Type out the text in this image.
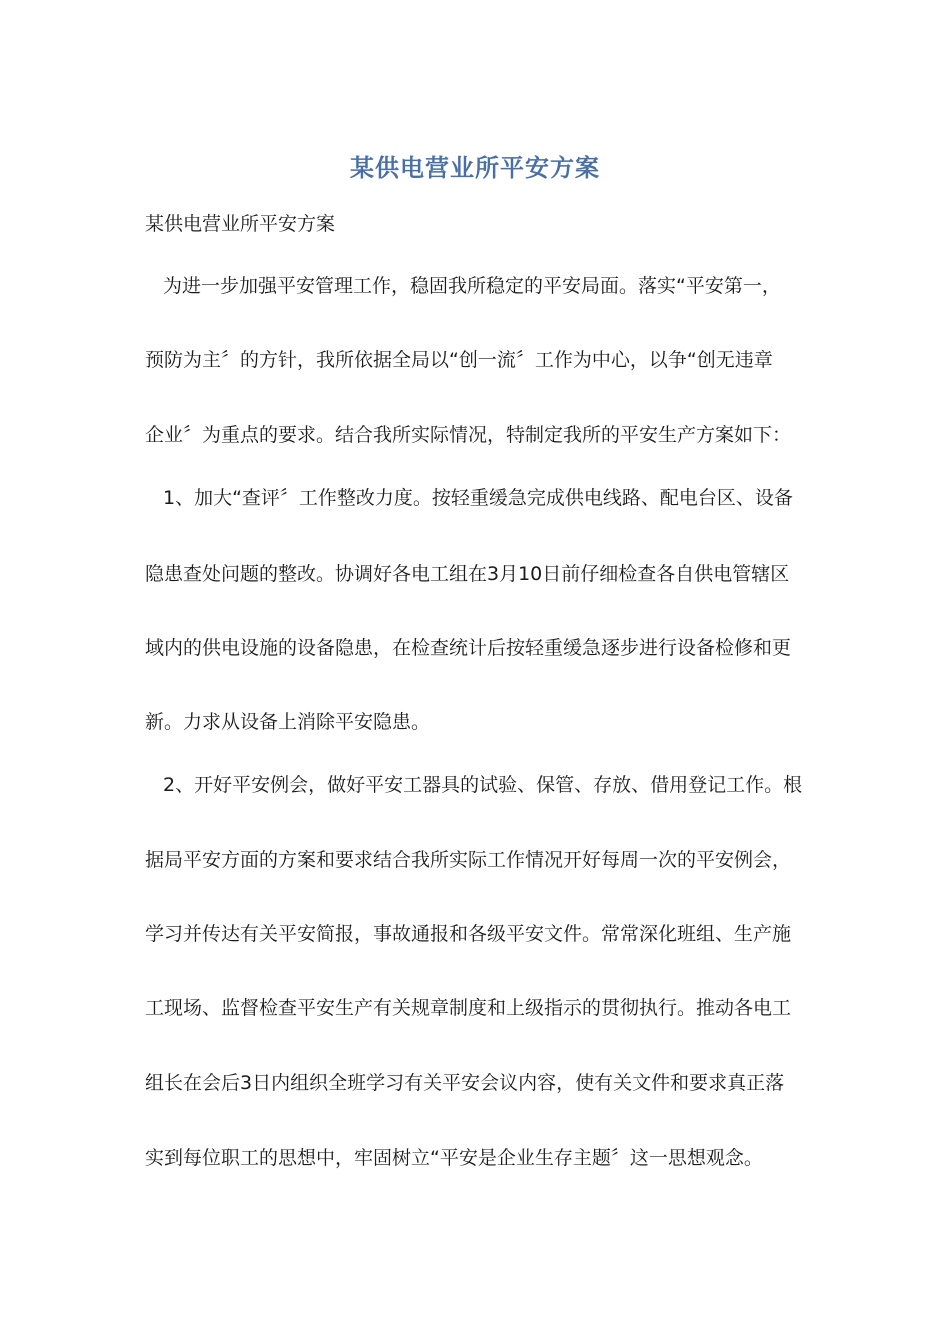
某供电营业所平安方案
某供电营业所平安方案
为进一步加强平安管理工作，稳固我所稳定的平安局面。落实“平安第一，
预防为主〞的方针，我所依据全局以“创一流〞工作为中心，以争“创无违章
企业〞为重点的要求。结合我所实际情况，特制定我所的平安生产方案如下：
1、加大“查评〞工作整改力度。按轻重缓急完成供电线路、配电台区、设备
隐患查处问题的整改。协调好各电工组在3月10日前仔细检查各自供电管辖区
域内的供电设施的设备隐患，在检查统计后按轻重缓急逐步进行设备检修和更
新。力求从设备上消除平安隐患。
2、开好平安例会，做好平安工器具的试验、保管、存放、借用登记工作。根
据局平安方面的方案和要求结合我所实际工作情况开好每周一次的平安例会，
学习并传达有关平安简报，事故通报和各级平安文件。常常深化班组、生产施
工现场、监督检查平安生产有关规章制度和上级指示的贯彻执行。推动各电工
组长在会后3日内组织全班学习有关平安会议内容，使有关文件和要求真正落
实到每位职工的思想中，牢固树立“平安是企业生存主题〞这一思想观念。
